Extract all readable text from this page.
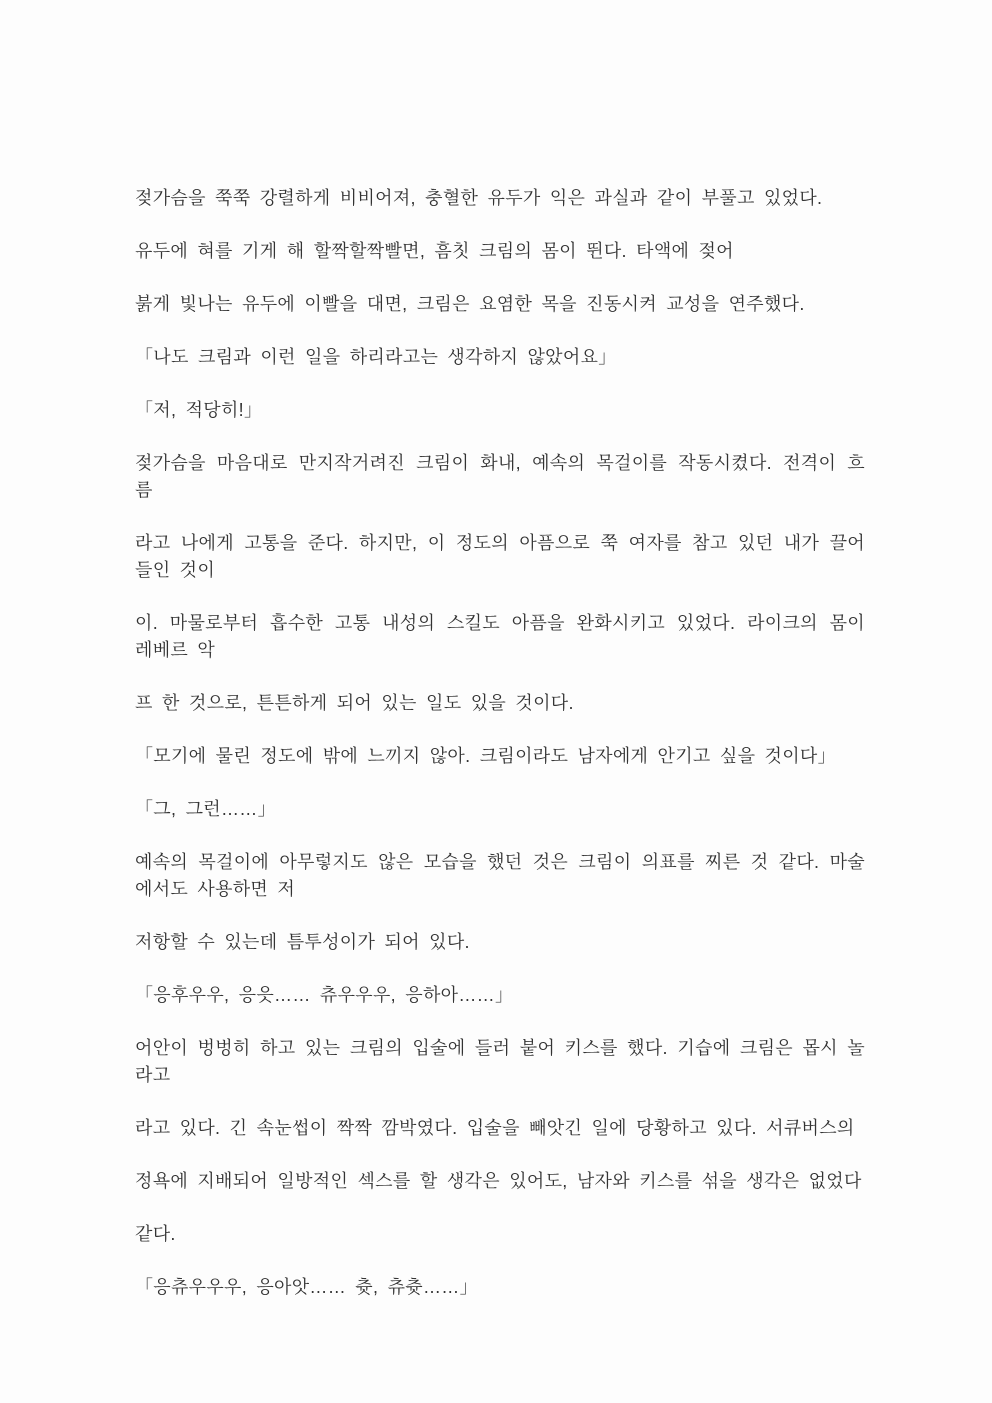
젖가슴을 쭉쭉 강렬하게 비비어져, 충혈한 유두가 익은 과실과 같이 부풀고 있었다.

유두에 혀를 기게 해 할짝할짝빨면, 흠칫 크림의 몸이 뛴다. 타액에 젖어

붉게 빛나는 유두에 이빨을 대면, 크림은 요염한 목을 진동시켜 교성을 연주했다.

「나도 크림과 이런 일을 하리라고는 생각하지 않았어요」

「저, 적당히!」

젖가슴을 마음대로 만지작거려진 크림이 화내, 예속의 목걸이를 작동시켰다. 전격이 흐름

라고 나에게 고통을 준다. 하지만, 이 정도의 아픔으로 쭉 여자를 참고 있던 내가 끌어들인 것이

이. 마물로부터 흡수한 고통 내성의 스킬도 아픔을 완화시키고 있었다. 라이크의 몸이 레베르 악

프 한 것으로, 튼튼하게 되어 있는 일도 있을 것이다.

「모기에 물린 정도에 밖에 느끼지 않아. 크림이라도 남자에게 안기고 싶을 것이다」

「그, 그런……」

예속의 목걸이에 아무렇지도 않은 모습을 했던 것은 크림이 의표를 찌른 것 같다. 마술에서도 사용하면 저

저항할 수 있는데 틈투성이가 되어 있다.

「응후우우, 응읏…… 츄우우우, 응하아……」

어안이 벙벙히 하고 있는 크림의 입술에 들러 붙어 키스를 했다. 기습에 크림은 몹시 놀라고

라고 있다. 긴 속눈썹이 짝짝 깜박였다. 입술을 빼앗긴 일에 당황하고 있다. 서큐버스의

정욕에 지배되어 일방적인 섹스를 할 생각은 있어도, 남자와 키스를 섞을 생각은 없었다

같다.

「응츄우우우, 응아앗…… 츗, 츄츗……」
